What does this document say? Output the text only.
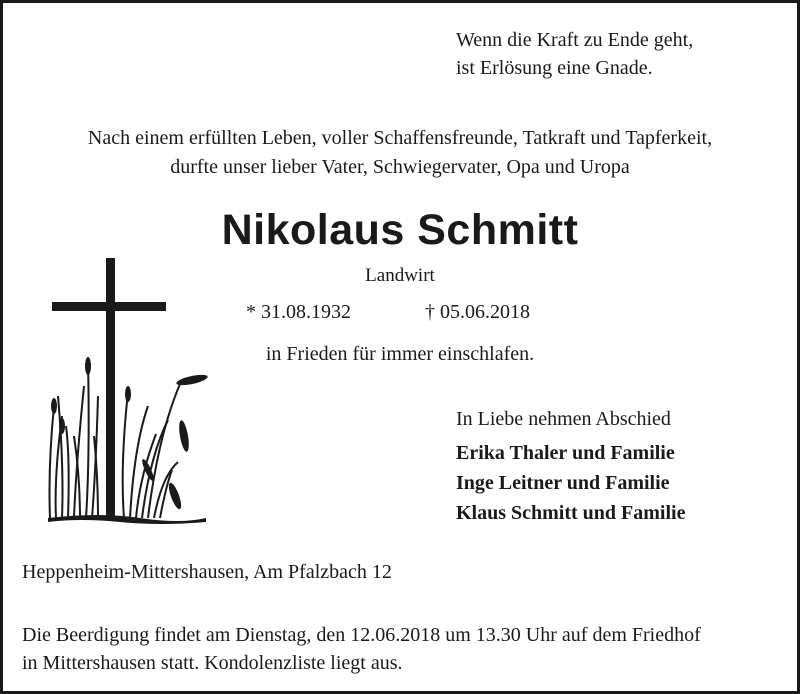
Wenn die Kraft zu Ende geht,
ist Erlösung eine Gnade.
Nach einem erfüllten Leben, voller Schaffensfreunde, Tatkraft und Tapferkeit,
durfte unser lieber Vater, Schwiegervater, Opa und Uropa
Nikolaus Schmitt
Landwirt
* 31.08.1932	† 05.06.2018
in Frieden für immer einschlafen.
In Liebe nehmen Abschied
Erika Thaler und Familie
Inge Leitner und Familie
Klaus Schmitt und Familie
Heppenheim-Mittershausen, Am Pfalzbach 12
Die Beerdigung findet am Dienstag, den 12.06.2018 um 13.30 Uhr auf dem Friedhof
in Mittershausen statt. Kondolenzliste liegt aus.
